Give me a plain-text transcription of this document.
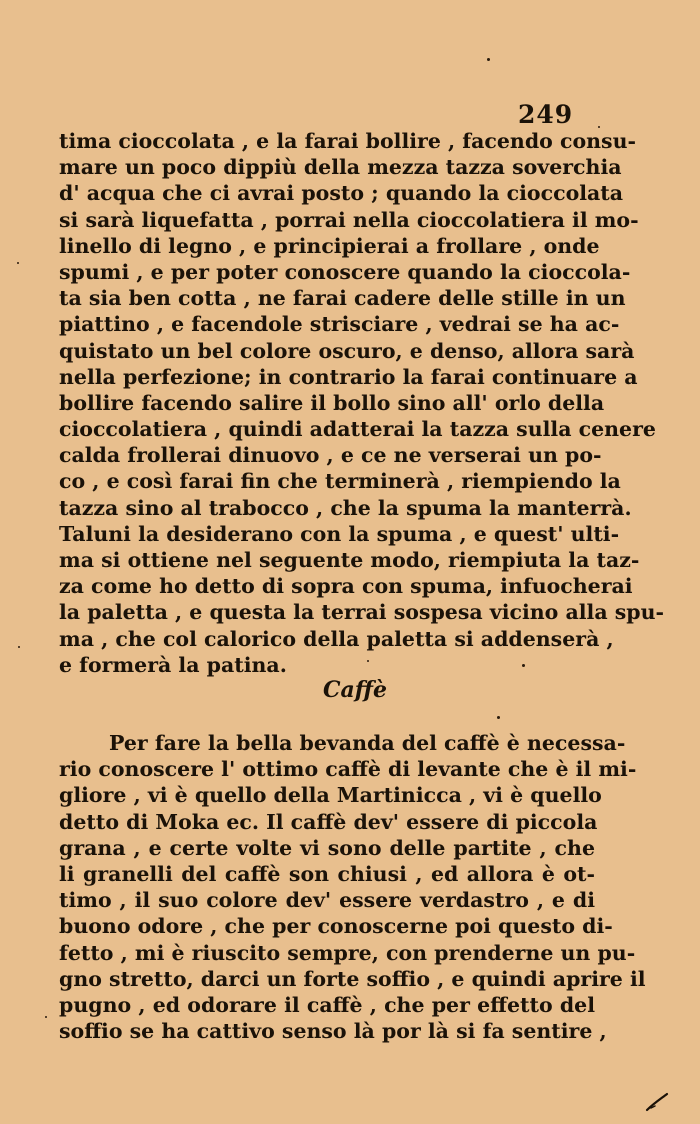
249
tima cioccolata , e la farai bollire , facendo consu-
mare un poco dippiù della mezza tazza soverchia
d' acqua che ci avrai posto ; quando la cioccolata
si sarà liquefatta , porrai nella cioccolatiera il mo-
linello di legno , e principierai a frollare , onde
spumi , e per poter conoscere quando la cioccola-
ta sia ben cotta , ne farai cadere delle stille in un
piattino , e facendole strisciare , vedrai se ha ac-
quistato un bel colore oscuro, e denso, allora sarà
nella perfezione; in contrario la farai continuare a
bollire facendo salire il bollo sino all' orlo della
cioccolatiera , quindi adatterai la tazza sulla cenere
calda frollerai dinuovo , e ce ne verserai un po-
co , e così farai fin che terminerà , riempiendo la
tazza sino al trabocco , che la spuma la manterrà.
Taluni la desiderano con la spuma , e quest' ulti-
ma si ottiene nel seguente modo, riempiuta la taz-
za come ho detto di sopra con spuma, infuocherai
la paletta , e questa la terrai sospesa vicino alla spu-
ma , che col calorico della paletta si addenserà ,
e formerà la patina.
Caffè
Per fare la bella bevanda del caffè è necessa-
rio conoscere l' ottimo caffè di levante che è il mi-
gliore , vi è quello della Martinicca , vi è quello
detto di Moka ec. Il caffè dev' essere di piccola
grana , e certe volte vi sono delle partite , che
li granelli del caffè son chiusi , ed allora è ot-
timo , il suo colore dev' essere verdastro , e di
buono odore , che per conoscerne poi questo di-
fetto , mi è riuscito sempre, con prenderne un pu-
gno stretto, darci un forte soffio , e quindi aprire il
pugno , ed odorare il caffè , che per effetto del
soffio se ha cattivo senso là por là si fa sentire ,
